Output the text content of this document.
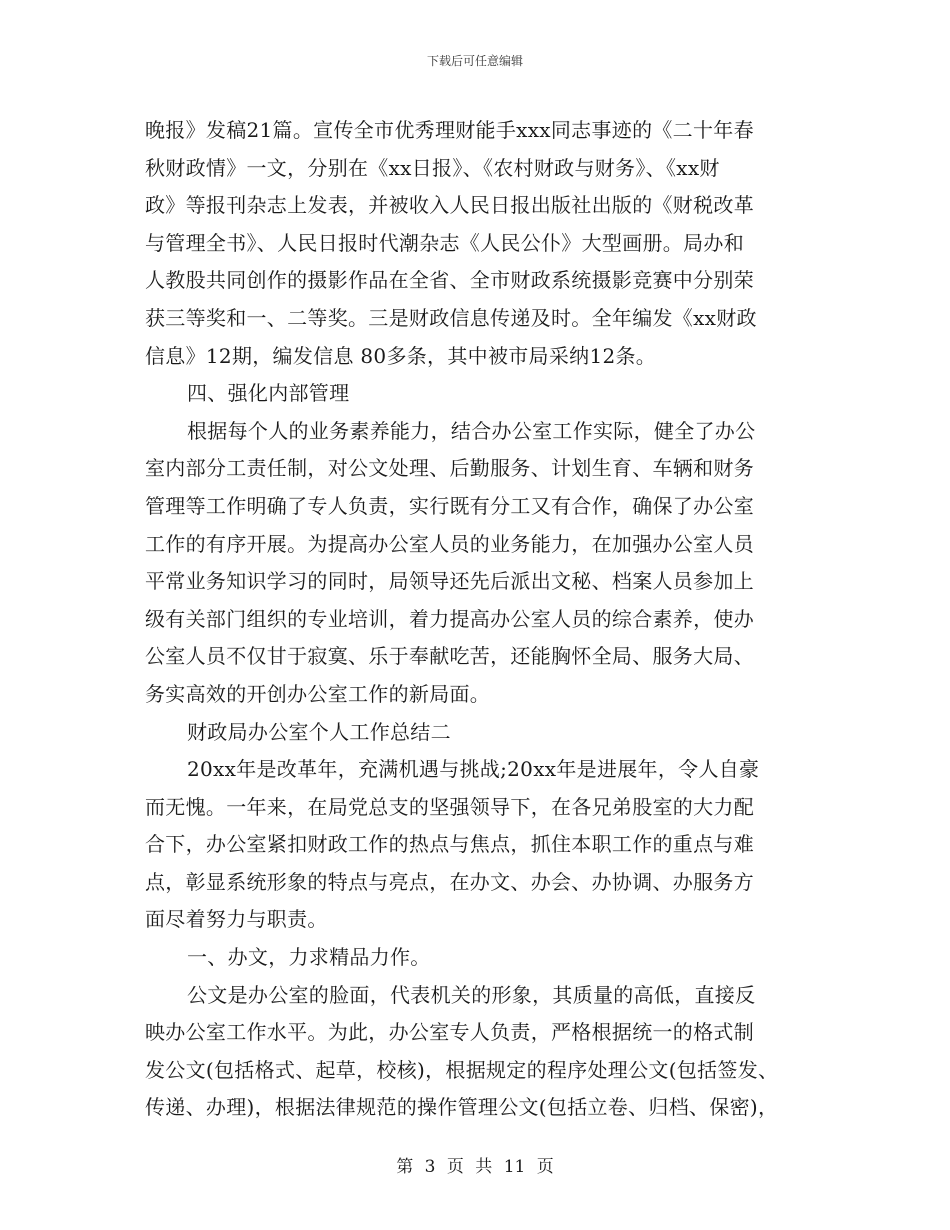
下载后可任意编辑
晚报》发稿21篇。宣传全市优秀理财能手xxx同志事迹的《二十年春
秋财政情》一文，分别在《xx日报》、《农村财政与财务》、《xx财
政》等报刊杂志上发表，并被收入人民日报出版社出版的《财税改革
与管理全书》、人民日报时代潮杂志《人民公仆》大型画册。局办和
人教股共同创作的摄影作品在全省、全市财政系统摄影竞赛中分别荣
获三等奖和一、二等奖。三是财政信息传递及时。全年编发《xx财政
信息》12期，编发信息 80多条，其中被市局采纳12条。
四、强化内部管理
根据每个人的业务素养能力，结合办公室工作实际，健全了办公
室内部分工责任制，对公文处理、后勤服务、计划生育、车辆和财务
管理等工作明确了专人负责，实行既有分工又有合作，确保了办公室
工作的有序开展。为提高办公室人员的业务能力，在加强办公室人员
平常业务知识学习的同时，局领导还先后派出文秘、档案人员参加上
级有关部门组织的专业培训，着力提高办公室人员的综合素养，使办
公室人员不仅甘于寂寞、乐于奉献吃苦，还能胸怀全局、服务大局、
务实高效的开创办公室工作的新局面。
财政局办公室个人工作总结二
20xx年是改革年，充满机遇与挑战;20xx年是进展年，令人自豪
而无愧。一年来，在局党总支的坚强领导下，在各兄弟股室的大力配
合下，办公室紧扣财政工作的热点与焦点，抓住本职工作的重点与难
点，彰显系统形象的特点与亮点，在办文、办会、办协调、办服务方
面尽着努力与职责。
一、办文，力求精品力作。
公文是办公室的脸面，代表机关的形象，其质量的高低，直接反
映办公室工作水平。为此，办公室专人负责，严格根据统一的格式制
发公文(包括格式、起草，校核)，根据规定的程序处理公文(包括签发、
传递、办理)，根据法律规范的操作管理公文(包括立卷、归档、保密)，
第 3 页 共 11 页
